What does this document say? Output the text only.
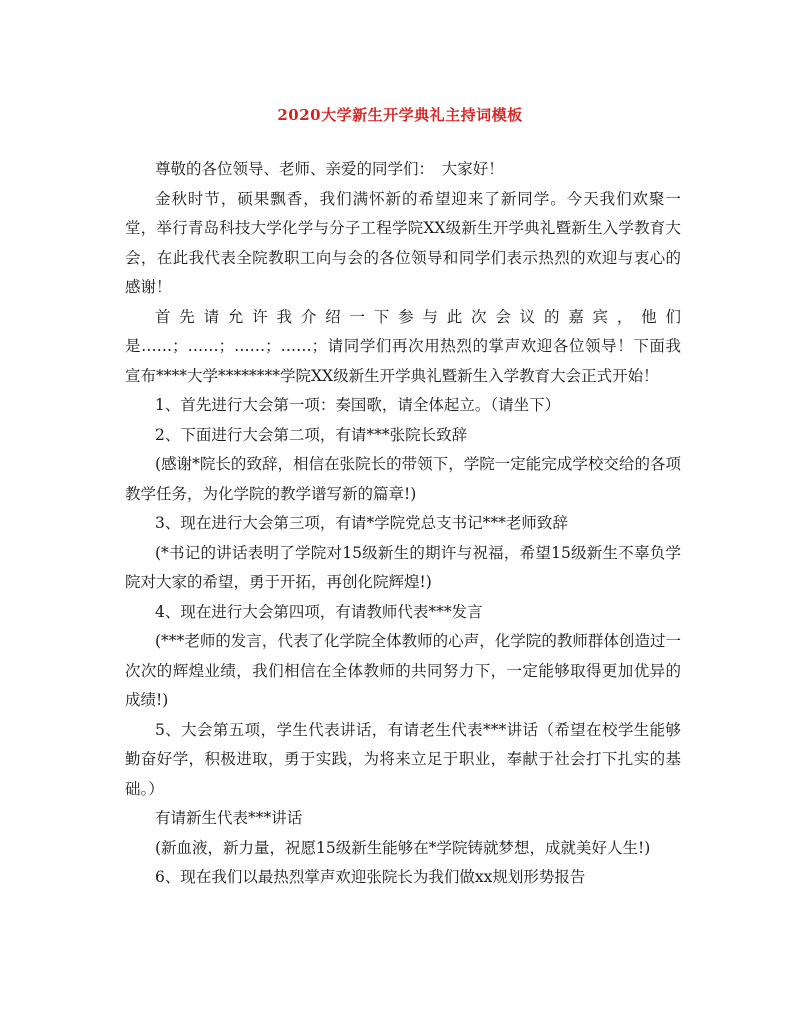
2020大学新生开学典礼主持词模板

尊敬的各位领导、老师、亲爱的同学们：　大家好！

金秋时节，硕果飘香，我们满怀新的希望迎来了新同学。今天我们欢聚一堂，举行青岛科技大学化学与分子工程学院XX级新生开学典礼暨新生入学教育大会，在此我代表全院教职工向与会的各位领导和同学们表示热烈的欢迎与衷心的感谢！

首先请允许我介绍一下参与此次会议的嘉宾，他们是……；……；……；……；请同学们再次用热烈的掌声欢迎各位领导！下面我宣布****大学********学院XX级新生开学典礼暨新生入学教育大会正式开始！

1、首先进行大会第一项：奏国歌，请全体起立。（请坐下）

2、下面进行大会第二项，有请***张院长致辞

(感谢*院长的致辞，相信在张院长的带领下，学院一定能完成学校交给的各项教学任务，为化学院的教学谱写新的篇章!)

3、现在进行大会第三项，有请*学院党总支书记***老师致辞

(*书记的讲话表明了学院对15级新生的期许与祝福，希望15级新生不辜负学院对大家的希望，勇于开拓，再创化院辉煌!)

4、现在进行大会第四项，有请教师代表***发言

(***老师的发言，代表了化学院全体教师的心声，化学院的教师群体创造过一次次的辉煌业绩，我们相信在全体教师的共同努力下，一定能够取得更加优异的成绩!)

5、大会第五项，学生代表讲话，有请老生代表***讲话（希望在校学生能够勤奋好学，积极进取，勇于实践，为将来立足于职业，奉献于社会打下扎实的基础。）

有请新生代表***讲话

(新血液，新力量，祝愿15级新生能够在*学院铸就梦想，成就美好人生!)

6、现在我们以最热烈掌声欢迎张院长为我们做xx规划形势报告
